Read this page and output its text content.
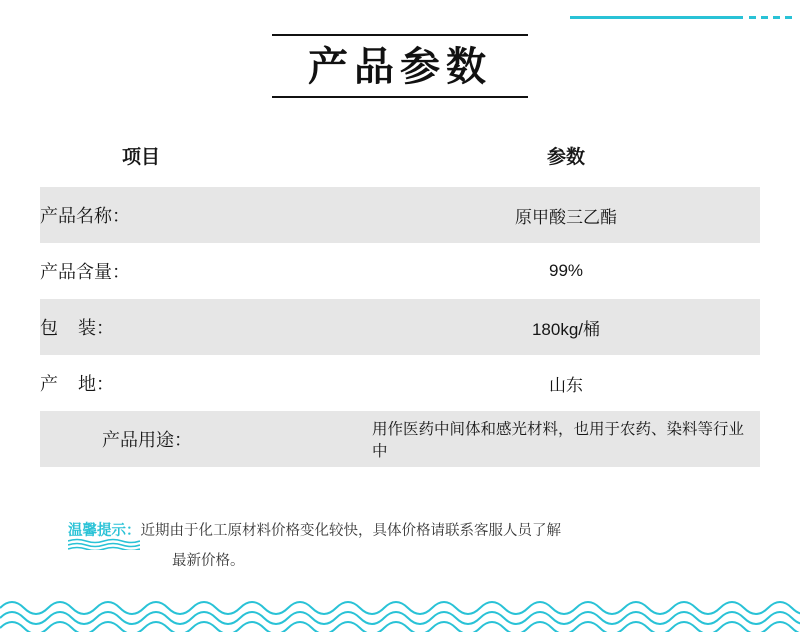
产品参数
项目	参数
产品名称：	原甲酸三乙酯
产品含量：	99%
包    装：	180kg/桶
产    地：	山东
产品用途：	用作医药中间体和感光材料，也用于农药、染料等行业中
温馨提示：近期由于化工原材料价格变化较快，具体价格请联系客服人员了解
最新价格。
